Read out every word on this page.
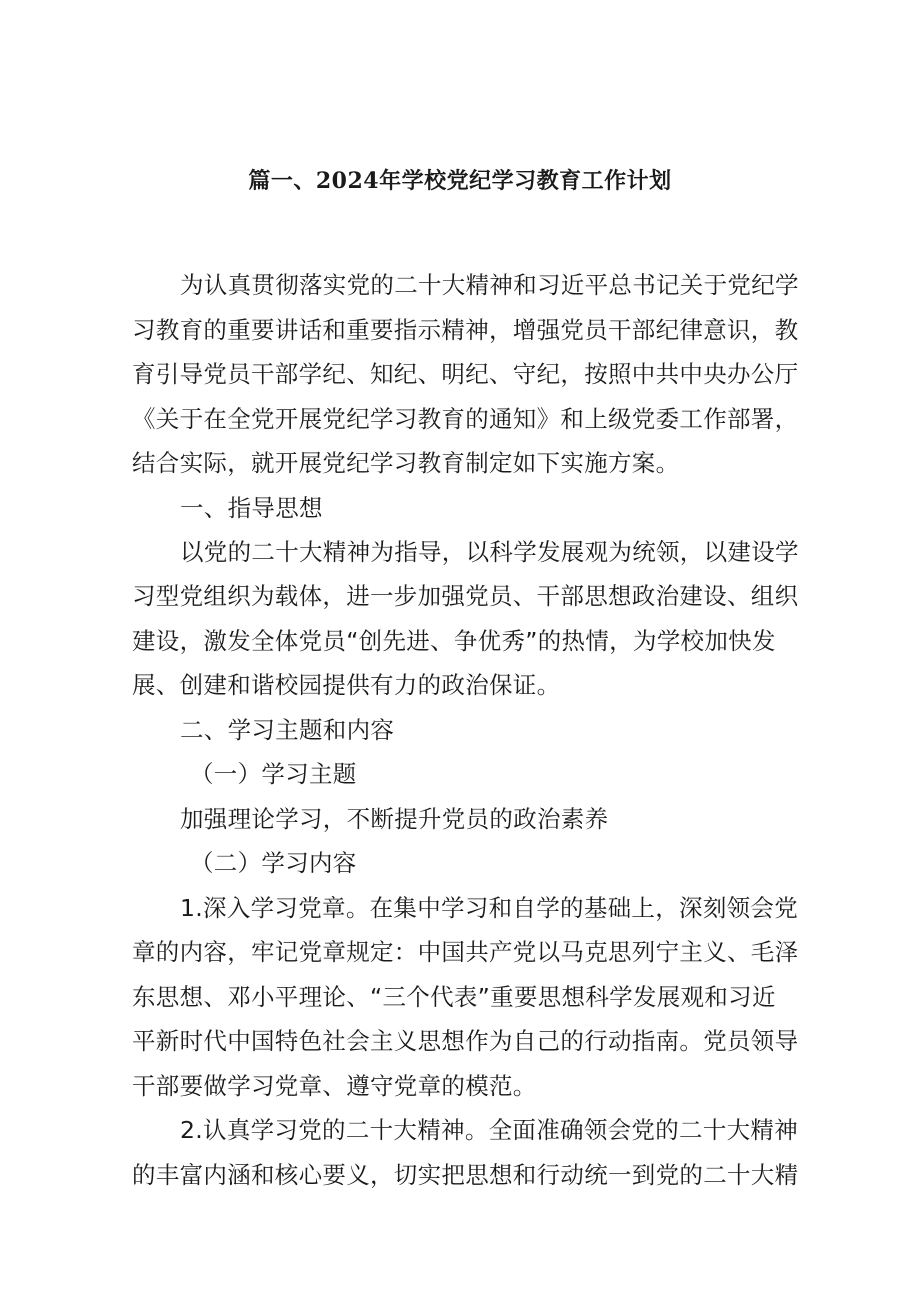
篇一、2024年学校党纪学习教育工作计划
为认真贯彻落实党的二十大精神和习近平总书记关于党纪学
习教育的重要讲话和重要指示精神，增强党员干部纪律意识，教
育引导党员干部学纪、知纪、明纪、守纪，按照中共中央办公厅
《关于在全党开展党纪学习教育的通知》和上级党委工作部署，
结合实际，就开展党纪学习教育制定如下实施方案。
一、指导思想
以党的二十大精神为指导，以科学发展观为统领，以建设学
习型党组织为载体，进一步加强党员、干部思想政治建设、组织
建设，激发全体党员“创先进、争优秀”的热情，为学校加快发
展、创建和谐校园提供有力的政治保证。
二、学习主题和内容
（一）学习主题
加强理论学习，不断提升党员的政治素养
（二）学习内容
1.深入学习党章。在集中学习和自学的基础上，深刻领会党
章的内容，牢记党章规定：中国共产党以马克思列宁主义、毛泽
东思想、邓小平理论、“三个代表”重要思想科学发展观和习近
平新时代中国特色社会主义思想作为自己的行动指南。党员领导
干部要做学习党章、遵守党章的模范。
2.认真学习党的二十大精神。全面准确领会党的二十大精神
的丰富内涵和核心要义，切实把思想和行动统一到党的二十大精
